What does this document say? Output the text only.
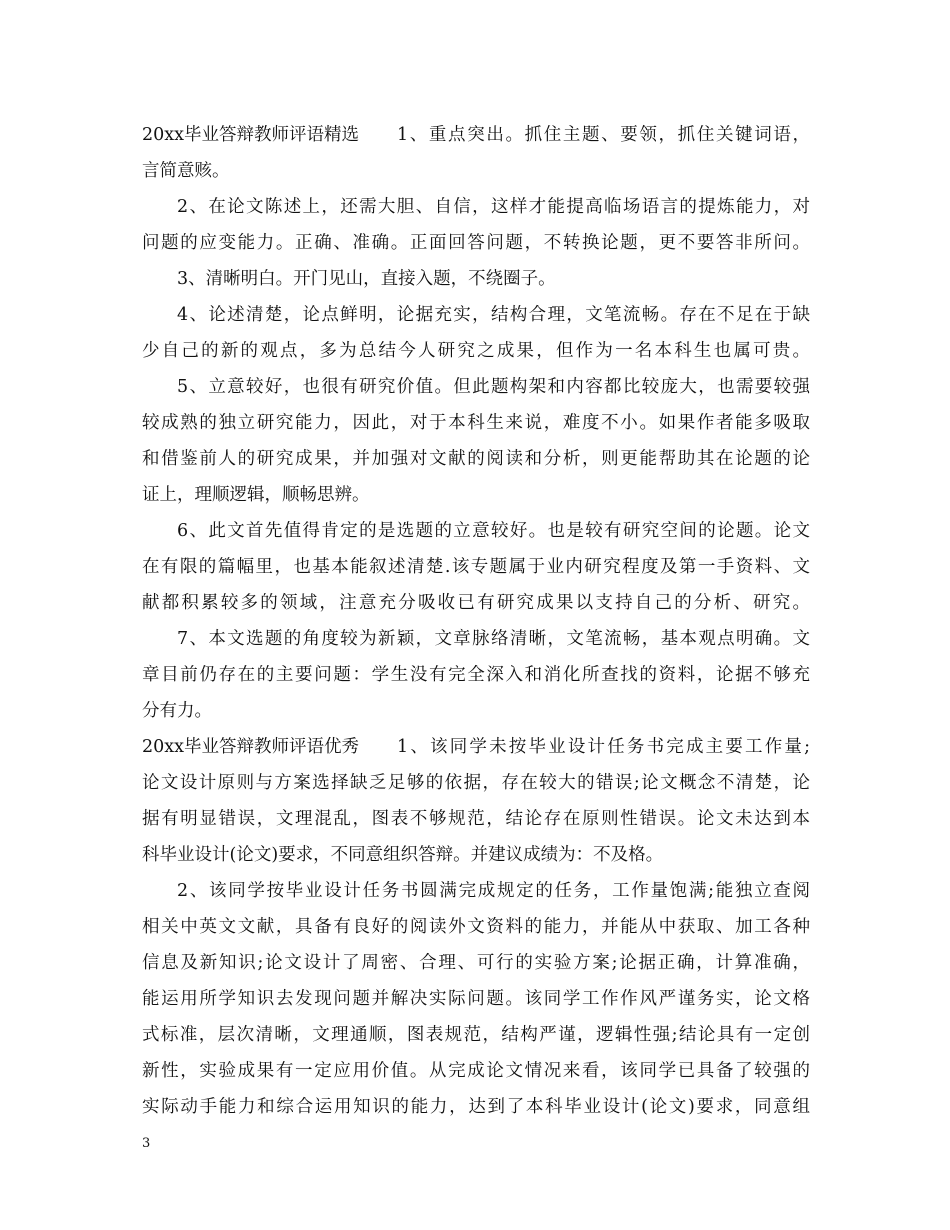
20xx毕业答辩教师评语精选 1、重点突出。抓住主题、要领，抓住关键词语，
言简意赅。
2、在论文陈述上，还需大胆、自信，这样才能提高临场语言的提炼能力，对
问题的应变能力。正确、准确。正面回答问题，不转换论题，更不要答非所问。
3、清晰明白。开门见山，直接入题，不绕圈子。
4、论述清楚，论点鲜明，论据充实，结构合理，文笔流畅。存在不足在于缺
少自己的新的观点，多为总结今人研究之成果，但作为一名本科生也属可贵。
5、立意较好，也很有研究价值。但此题构架和内容都比较庞大，也需要较强
较成熟的独立研究能力，因此，对于本科生来说，难度不小。如果作者能多吸取
和借鉴前人的研究成果，并加强对文献的阅读和分析，则更能帮助其在论题的论
证上，理顺逻辑，顺畅思辨。
6、此文首先值得肯定的是选题的立意较好。也是较有研究空间的论题。论文
在有限的篇幅里，也基本能叙述清楚.该专题属于业内研究程度及第一手资料、文
献都积累较多的领域，注意充分吸收已有研究成果以支持自己的分析、研究。
7、本文选题的角度较为新颖，文章脉络清晰，文笔流畅，基本观点明确。文
章目前仍存在的主要问题：学生没有完全深入和消化所查找的资料，论据不够充
分有力。
20xx毕业答辩教师评语优秀 1、该同学未按毕业设计任务书完成主要工作量;
论文设计原则与方案选择缺乏足够的依据，存在较大的错误;论文概念不清楚，论
据有明显错误，文理混乱，图表不够规范，结论存在原则性错误。论文未达到本
科毕业设计(论文)要求，不同意组织答辩。并建议成绩为：不及格。
2、该同学按毕业设计任务书圆满完成规定的任务，工作量饱满;能独立查阅
相关中英文文献，具备有良好的阅读外文资料的能力，并能从中获取、加工各种
信息及新知识;论文设计了周密、合理、可行的实验方案;论据正确，计算准确，
能运用所学知识去发现问题并解决实际问题。该同学工作作风严谨务实，论文格
式标准，层次清晰，文理通顺，图表规范，结构严谨，逻辑性强;结论具有一定创
新性，实验成果有一定应用价值。从完成论文情况来看，该同学已具备了较强的
实际动手能力和综合运用知识的能力，达到了本科毕业设计(论文)要求，同意组
3
